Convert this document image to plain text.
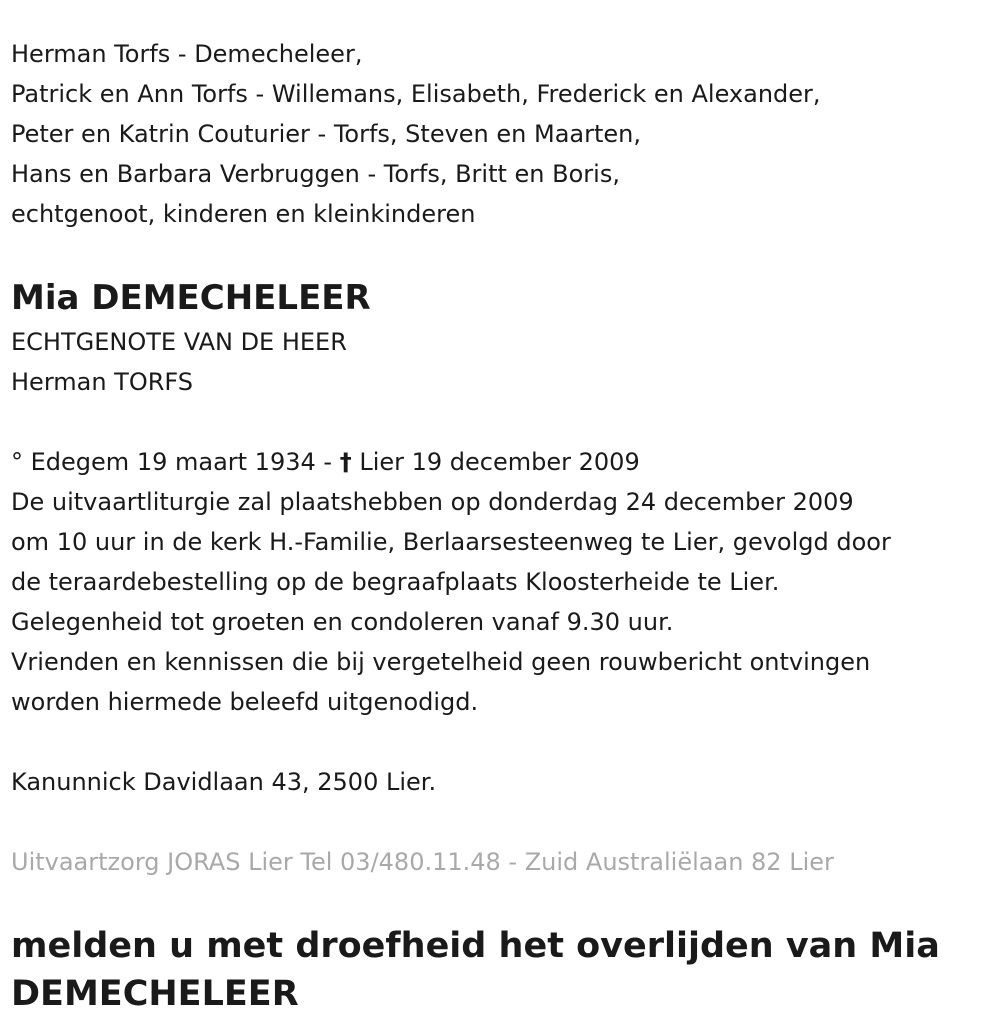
Herman Torfs - Demecheleer,
Patrick en Ann Torfs - Willemans, Elisabeth, Frederick en Alexander,
Peter en Katrin Couturier - Torfs, Steven en Maarten,
Hans en Barbara Verbruggen - Torfs, Britt en Boris,
echtgenoot, kinderen en kleinkinderen
Mia DEMECHELEER
ECHTGENOTE VAN DE HEER
Herman TORFS
° Edegem 19 maart 1934 - † Lier 19 december 2009
De uitvaartliturgie zal plaatshebben op donderdag 24 december 2009
om 10 uur in de kerk H.-Familie, Berlaarsesteenweg te Lier, gevolgd door
de teraardebestelling op de begraafplaats Kloosterheide te Lier.
Gelegenheid tot groeten en condoleren vanaf 9.30 uur.
Vrienden en kennissen die bij vergetelheid geen rouwbericht ontvingen
worden hiermede beleefd uitgenodigd.
Kanunnick Davidlaan 43, 2500 Lier.
Uitvaartzorg JORAS Lier Tel 03/480.11.48 - Zuid Australiëlaan 82 Lier
melden u met droefheid het overlijden van Mia DEMECHELEER
